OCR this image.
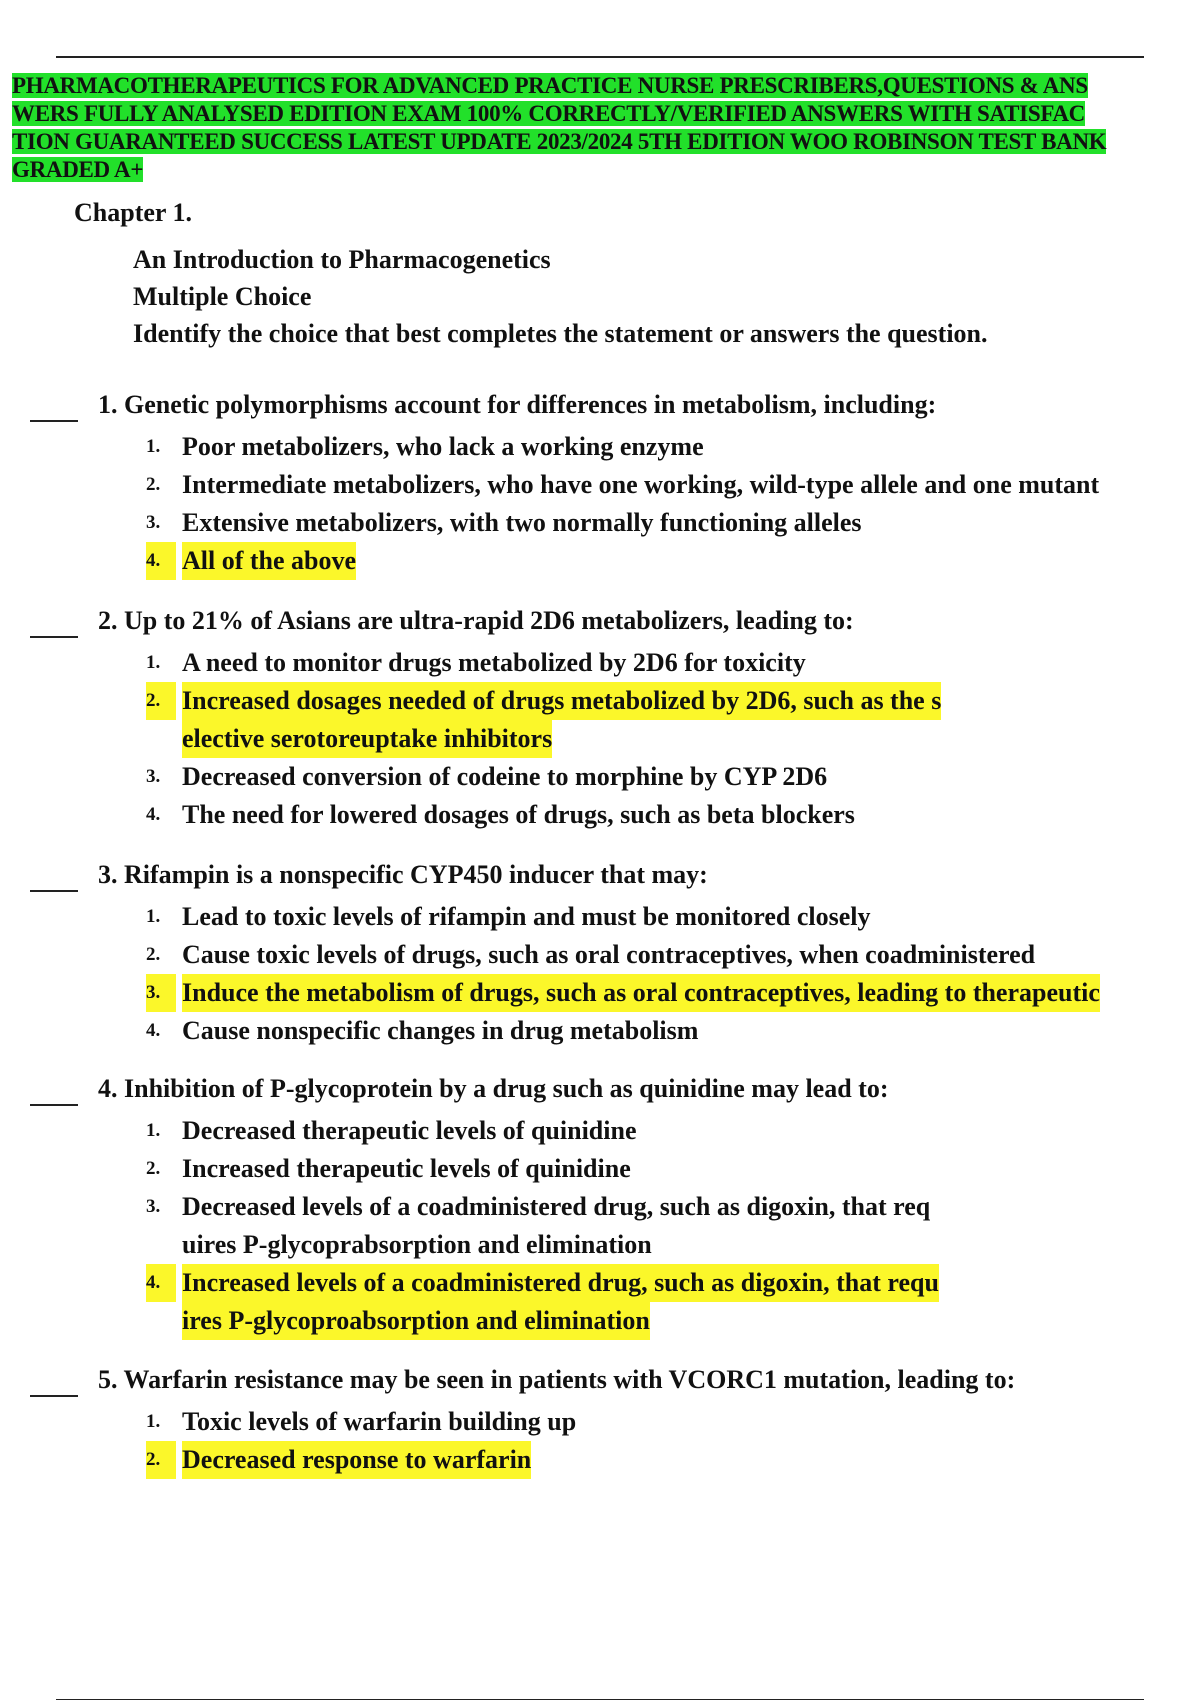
PHARMACOTHERAPEUTICS FOR ADVANCED PRACTICE NURSE PRESCRIBERS,QUESTIONS & ANS
WERS FULLY ANALYSED EDITION EXAM 100% CORRECTLY/VERIFIED ANSWERS WITH SATISFAC
TION GUARANTEED SUCCESS LATEST UPDATE 2023/2024 5TH EDITION WOO ROBINSON TEST BANK
GRADED A+
Chapter 1.
An Introduction to Pharmacogenetics
Multiple Choice
Identify the choice that best completes the statement or answers the question.
1. Genetic polymorphisms account for differences in metabolism, including:
1. Poor metabolizers, who lack a working enzyme
2. Intermediate metabolizers, who have one working, wild-type allele and one mutant
3. Extensive metabolizers, with two normally functioning alleles
4. All of the above
2. Up to 21% of Asians are ultra-rapid 2D6 metabolizers, leading to:
1. A need to monitor drugs metabolized by 2D6 for toxicity
2. Increased dosages needed of drugs metabolized by 2D6, such as the s
elective serotoreuptake inhibitors
3. Decreased conversion of codeine to morphine by CYP 2D6
4. The need for lowered dosages of drugs, such as beta blockers
3. Rifampin is a nonspecific CYP450 inducer that may:
1. Lead to toxic levels of rifampin and must be monitored closely
2. Cause toxic levels of drugs, such as oral contraceptives, when coadministered
3. Induce the metabolism of drugs, such as oral contraceptives, leading to therapeutic
4. Cause nonspecific changes in drug metabolism
4. Inhibition of P-glycoprotein by a drug such as quinidine may lead to:
1. Decreased therapeutic levels of quinidine
2. Increased therapeutic levels of quinidine
3. Decreased levels of a coadministered drug, such as digoxin, that req
uires P-glycoprabsorption and elimination
4. Increased levels of a coadministered drug, such as digoxin, that requ
ires P-glycoproabsorption and elimination
5. Warfarin resistance may be seen in patients with VCORC1 mutation, leading to:
1. Toxic levels of warfarin building up
2. Decreased response to warfarin
